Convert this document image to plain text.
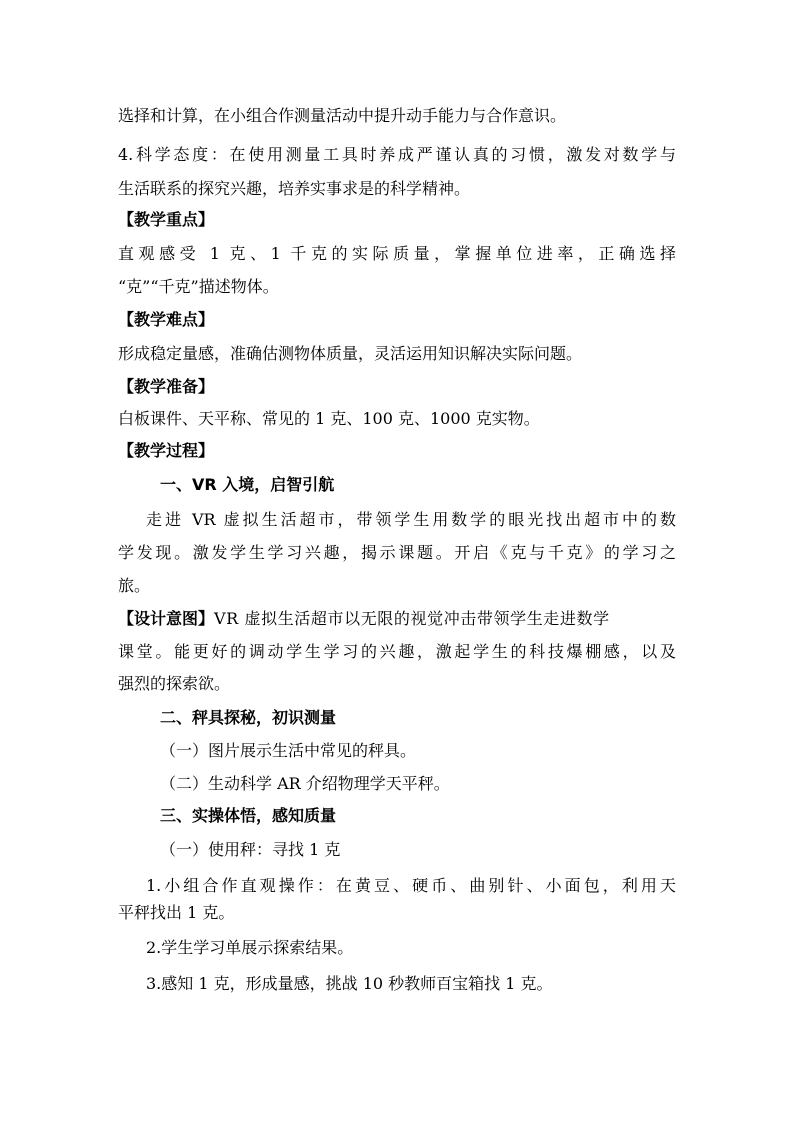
选择和计算，在小组合作测量活动中提升动手能力与合作意识。
4.科学态度：在使用测量工具时养成严谨认真的习惯，激发对数学与
生活联系的探究兴趣，培养实事求是的科学精神。
【教学重点】
直观感受 1 克、1 千克的实际质量，掌握单位进率，正确选择
“克”“千克”描述物体。
【教学难点】
形成稳定量感，准确估测物体质量，灵活运用知识解决实际问题。
【教学准备】
白板课件、天平称、常见的 1 克、100 克、1000 克实物。
【教学过程】
一、VR 入境，启智引航
走进 VR 虚拟生活超市，带领学生用数学的眼光找出超市中的数
学发现。激发学生学习兴趣，揭示课题。开启《克与千克》的学习之
旅。
【设计意图】VR 虚拟生活超市以无限的视觉冲击带领学生走进数学
课堂。能更好的调动学生学习的兴趣，激起学生的科技爆棚感，以及
强烈的探索欲。
二、秤具探秘，初识测量
（一）图片展示生活中常见的秤具。
（二）生动科学 AR 介绍物理学天平秤。
三、实操体悟，感知质量
（一）使用秤：寻找 1 克
1.小组合作直观操作：在黄豆、硬币、曲别针、小面包，利用天
平秤找出 1 克。
2.学生学习单展示探索结果。
3.感知 1 克，形成量感，挑战 10 秒教师百宝箱找 1 克。
